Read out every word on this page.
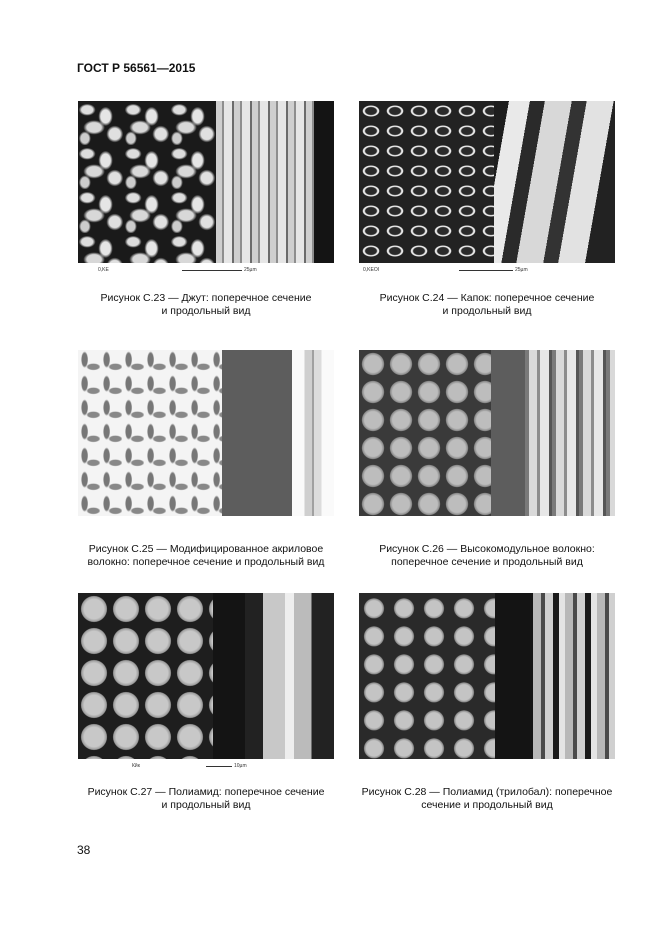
ГОСТ Р 56561—2015
0,KE	25µm
Рисунок С.23 — Джут: поперечное сечение
и продольный вид
0,KEOI	25µm
Рисунок С.24 — Капок: поперечное сечение
и продольный вид
Рисунок С.25 — Модифицированное акриловое
волокно: поперечное сечение и продольный вид
Рисунок С.26 — Высокомодульное волокно:
поперечное сечение и продольный вид
Кйк	10µm
Рисунок С.27 — Полиамид: поперечное сечение
и продольный вид
Рисунок С.28 — Полиамид (трилобал): поперечное
сечение и продольный вид
38
